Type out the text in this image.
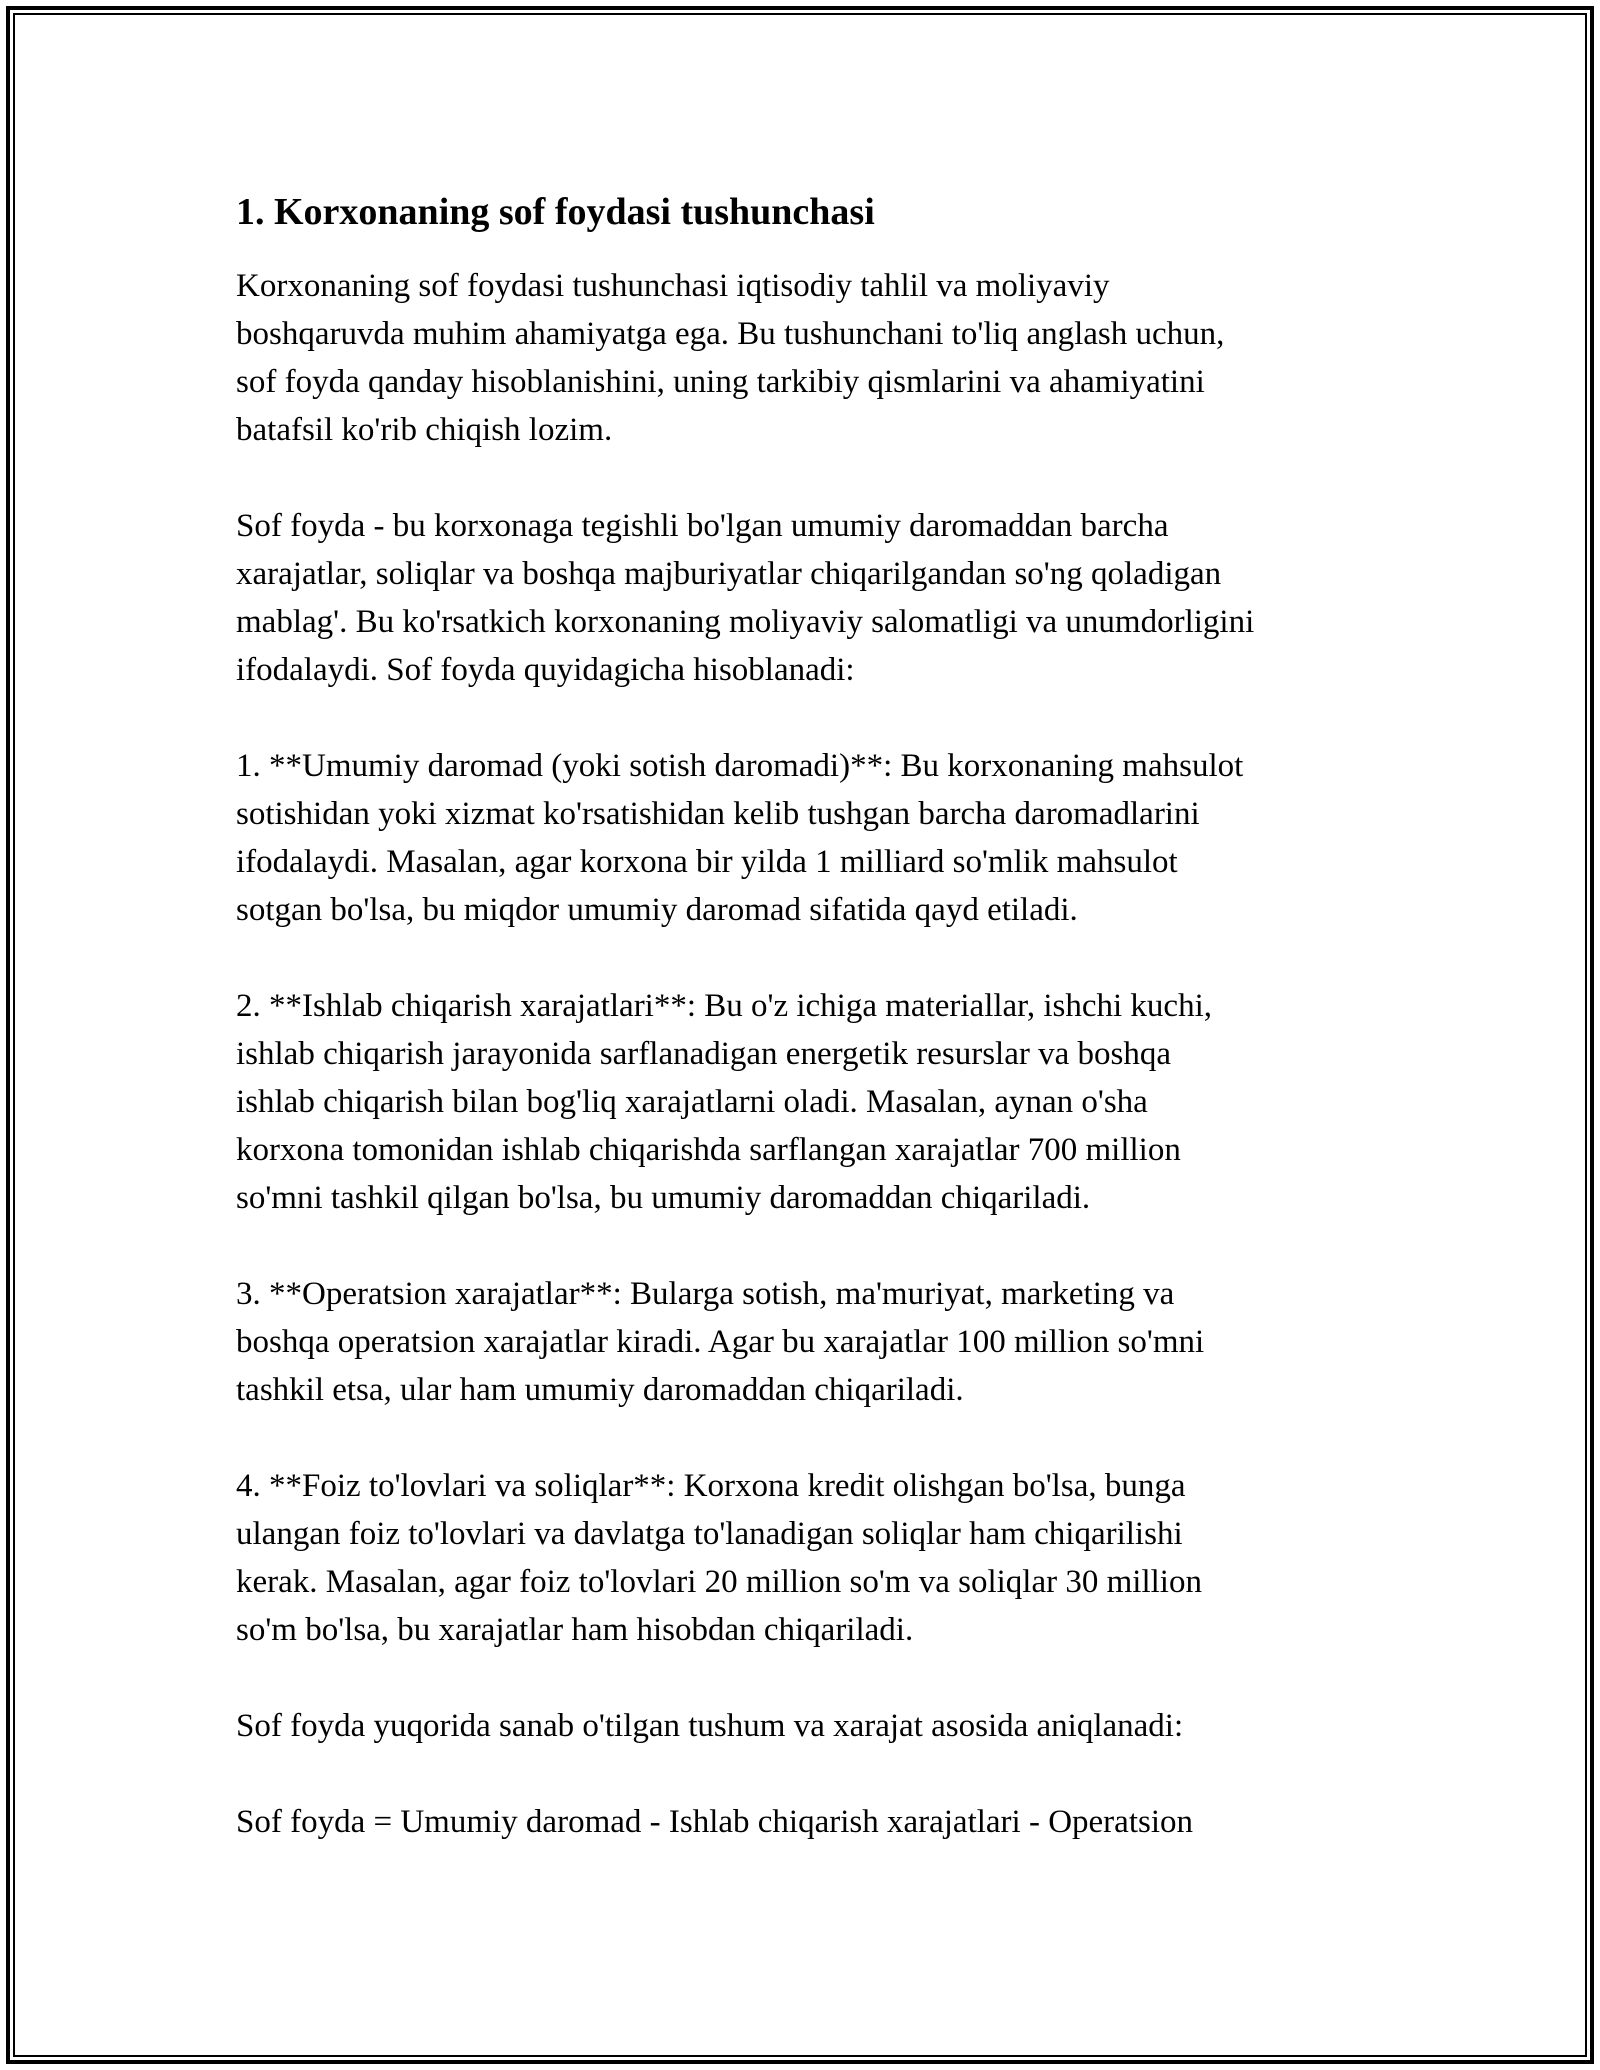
1. Korxonaning sof foydasi tushunchasi

Korxonaning sof foydasi tushunchasi iqtisodiy tahlil va moliyaviy
boshqaruvda muhim ahamiyatga ega. Bu tushunchani to'liq anglash uchun,
sof foyda qanday hisoblanishini, uning tarkibiy qismlarini va ahamiyatini
batafsil ko'rib chiqish lozim.

Sof foyda - bu korxonaga tegishli bo'lgan umumiy daromaddan barcha
xarajatlar, soliqlar va boshqa majburiyatlar chiqarilgandan so'ng qoladigan
mablag'. Bu ko'rsatkich korxonaning moliyaviy salomatligi va unumdorligini
ifodalaydi. Sof foyda quyidagicha hisoblanadi:

1. **Umumiy daromad (yoki sotish daromadi)**: Bu korxonaning mahsulot
sotishidan yoki xizmat ko'rsatishidan kelib tushgan barcha daromadlarini
ifodalaydi. Masalan, agar korxona bir yilda 1 milliard so'mlik mahsulot
sotgan bo'lsa, bu miqdor umumiy daromad sifatida qayd etiladi.

2. **Ishlab chiqarish xarajatlari**: Bu o'z ichiga materiallar, ishchi kuchi,
ishlab chiqarish jarayonida sarflanadigan energetik resurslar va boshqa
ishlab chiqarish bilan bog'liq xarajatlarni oladi. Masalan, aynan o'sha
korxona tomonidan ishlab chiqarishda sarflangan xarajatlar 700 million
so'mni tashkil qilgan bo'lsa, bu umumiy daromaddan chiqariladi.

3. **Operatsion xarajatlar**: Bularga sotish, ma'muriyat, marketing va
boshqa operatsion xarajatlar kiradi. Agar bu xarajatlar 100 million so'mni
tashkil etsa, ular ham umumiy daromaddan chiqariladi.

4. **Foiz to'lovlari va soliqlar**: Korxona kredit olishgan bo'lsa, bunga
ulangan foiz to'lovlari va davlatga to'lanadigan soliqlar ham chiqarilishi
kerak. Masalan, agar foiz to'lovlari 20 million so'm va soliqlar 30 million
so'm bo'lsa, bu xarajatlar ham hisobdan chiqariladi.

Sof foyda yuqorida sanab o'tilgan tushum va xarajat asosida aniqlanadi:

Sof foyda = Umumiy daromad - Ishlab chiqarish xarajatlari - Operatsion
